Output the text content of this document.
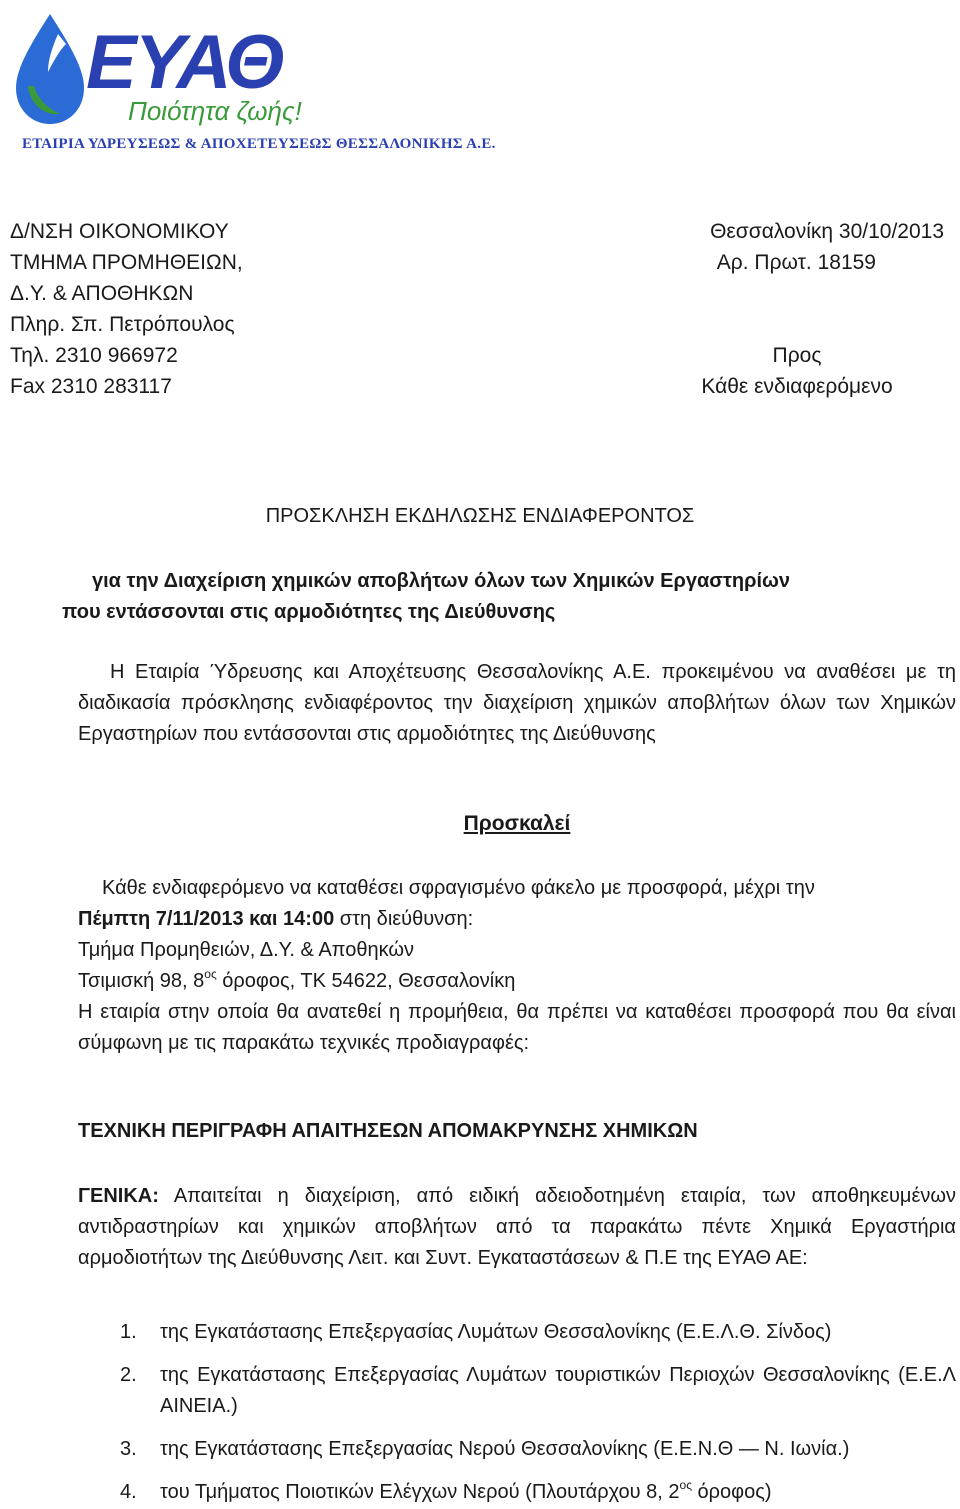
ΕΥΑΘ
Ποιότητα ζωής!
ΕΤΑΙΡΙΑ ΥΔΡΕΥΣΕΩΣ & ΑΠΟΧΕΤΕΥΣΕΩΣ ΘΕΣΣΑΛΟΝΙΚΗΣ Α.Ε.
Δ/ΝΣΗ ΟΙΚΟΝΟΜΙΚΟΥ
ΤΜΗΜΑ ΠΡΟΜΗΘΕΙΩΝ,
Δ.Υ. & ΑΠΟΘΗΚΩΝ
Πληρ. Σπ. Πετρόπουλος
Τηλ. 2310 966972
Fax 2310 283117
Θεσσαλονίκη 30/10/2013
Αρ. Πρωτ. 18159
Προς
Κάθε ενδιαφερόμενο
ΠΡΟΣΚΛΗΣΗ ΕΚΔΗΛΩΣΗΣ ΕΝΔΙΑΦΕΡΟΝΤΟΣ
για την Διαχείριση χημικών αποβλήτων όλων των Χημικών Εργαστηρίων
που εντάσσονται στις αρμοδιότητες της Διεύθυνσης
Η Εταιρία Ύδρευσης και Αποχέτευσης Θεσσαλονίκης Α.Ε. προκειμένου να αναθέσει με τη διαδικασία πρόσκλησης ενδιαφέροντος την διαχείριση χημικών αποβλήτων όλων των Χημικών Εργαστηρίων που εντάσσονται στις αρμοδιότητες της Διεύθυνσης
Προσκαλεί
Κάθε ενδιαφερόμενο να καταθέσει σφραγισμένο φάκελο με προσφορά, μέχρι την
Πέμπτη 7/11/2013 και 14:00 στη διεύθυνση:
Τμήμα Προμηθειών, Δ.Υ. & Αποθηκών
Τσιμισκή 98, $8^{o\varsigma}$ όροφος, ΤΚ 54622, Θεσσαλονίκη
Η εταιρία στην οποία θα ανατεθεί η προμήθεια, θα πρέπει να καταθέσει προσφορά που θα είναι σύμφωνη με τις παρακάτω τεχνικές προδιαγραφές:
ΤΕΧΝΙΚΗ ΠΕΡΙΓΡΑΦΗ ΑΠΑΙΤΗΣΕΩΝ ΑΠΟΜΑΚΡΥΝΣΗΣ ΧΗΜΙΚΩΝ
ΓΕΝΙΚΑ: Απαιτείται η διαχείριση, από ειδική αδειοδοτημένη εταιρία, των αποθηκευμένων αντιδραστηρίων και χημικών αποβλήτων από τα παρακάτω πέντε Χημικά Εργαστήρια αρμοδιοτήτων της Διεύθυνσης Λειτ. και Συντ. Εγκαταστάσεων & Π.Ε της ΕΥΑΘ ΑΕ:
1. της Εγκατάστασης Επεξεργασίας Λυμάτων Θεσσαλονίκης (Ε.Ε.Λ.Θ. Σίνδος)
2. της Εγκατάστασης Επεξεργασίας Λυμάτων τουριστικών Περιοχών Θεσσαλονίκης (Ε.Ε.Λ ΑΙΝΕΙΑ.)
3. της Εγκατάστασης Επεξεργασίας Νερού Θεσσαλονίκης (Ε.Ε.Ν.Θ — Ν. Ιωνία.)
4. του Τμήματος Ποιοτικών Ελέγχων Νερού (Πλουτάρχου 8, $2^{o\varsigma}$ όροφος)
